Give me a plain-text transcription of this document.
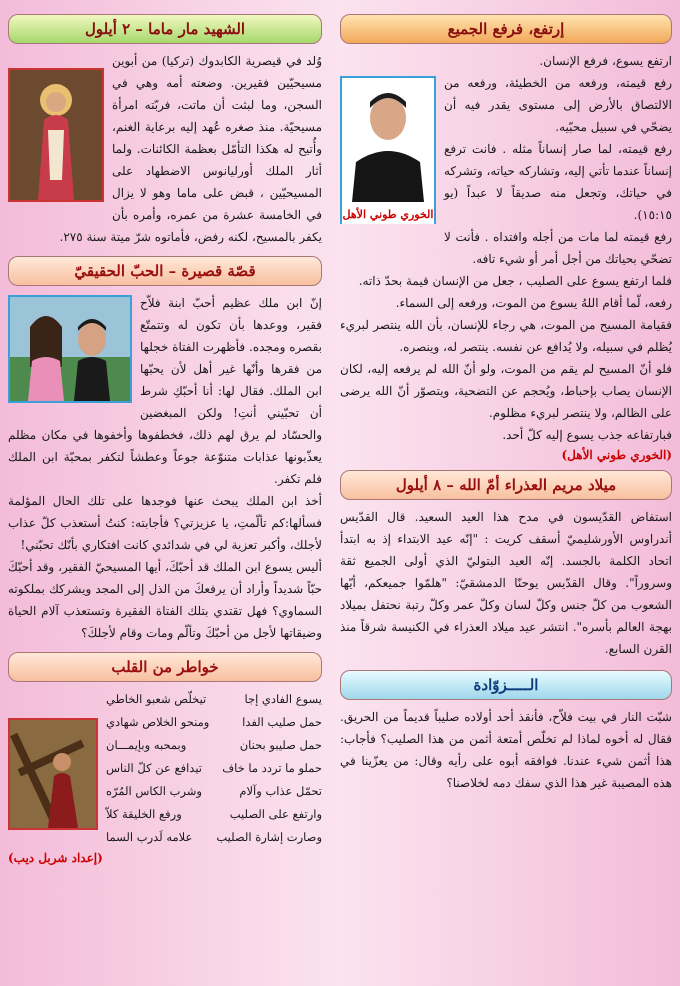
إرتفع، فرفع الجميع

ارتفع يسوع، فرفع الإنسان.

الخوري طوني الأهل

رفع قيمته، ورفعه من الخطيئة، ورفعه من الالتصاق بالأرض إلى مستوى يقدر فيه أن يضحّي في سبيل محبّيه.

رفع قيمته، لما صار إنساناً مثله . فانت ترفع إنساناً عندما تأتي إليه، وتشاركه حياته، وتشركه في حياتك، وتجعل منه صديقاً لا عبداً (يو ١٥:١٥).

رفع قيمته لما مات من أجله وافتداه . فأنت لا تضحّي بحياتك من أجل أمر أو شيء تافه.

فلما ارتفع يسوع على الصليب ، جعل من الإنسان قيمة بحدّ ذاته.

رفعه، لّما أقام اللهُ يسوع من الموت، ورفعه إلى السماء.

فقيامة المسيح من الموت، هي رجاء للإنسان، بأن الله ينتصر لبريء يُظلم في سبيله، ولا يُدافع عن نفسه. ينتصر له، وينصره.

فلو أنّ المسيح لم يقم من الموت، ولو أنّ الله لم يرفعه إليه، لكان الإنسان يصاب بإحباط، ويُحجم عن التضحية، ويتصوّر أنّ الله يرضى على الظالم، ولا ينتصر لبريء مظلوم.

فبارتفاعه جذب يسوع إليه كلّ أحد.

(الخوري طوني الأهل)
ميلاد مريم العذراء أمّ الله – ٨ أيلول

استفاض القدّيسون في مدح هذا العيد السعيد. قال القدّيس أندراوس الأورشليميّ أسقف كريت : "إنّه عيد الابتداء إذ به ابتدأ اتحاد الكلمة بالجسد. إنّه العيد البتوليّ الذي أولى الجميع ثقة وسروراً". وقال القدّيس يوحنّا الدمشقيّ: "هلمّوا جميعكم، أيّها الشعوب من كلّ جنس وكلّ لسان وكلّ عمر وكلّ رتبة نحتفل بميلاد بهجة العالم بأسره". انتشر عيد ميلاد العذراء في الكنيسة شرقاً منذ القرن السابع.

الـــــزوّادة

شبّت النار في بيت فلاّح، فأنقذ أحد أولاده صليباً قديماً من الحريق. فقال له أخوه لماذا لم تخلّص أمتعة أثمن من هذا الصليب؟ فأجاب: هذا أثمن شيء عندنا. فوافقه أبوه على رأيه وقال: من يعزّينا في هذه المصيبة غير هذا الذي سفك دمه لخلاصنا؟

الشهيد مار ماما – ٢ أيلول

وُلد في قيصرية الكابدوك (تركيا) من أبوين مسيحيّين فقيرين. وضعته أمه وهي في السجن، وما لبثت أن ماتت، فربّته امرأة مسيحيّة. منذ صغره عُهد إليه برعاية الغنم، وأُتيح له هكذا التأمّل بعظمة الكائنات. ولما أثار الملك أورليانوس الاضطهاد على المسيحيّين ، قبض على ماما وهو لا يزال في الخامسة عشرة من عمره، وأمره بأن يكفر بالمسيح، لكنه رفض، فأماتوه شرّ ميتة سنة ٢٧٥.

قصّة قصيرة – الحبّ الحقيقيّ

إنّ ابن ملك عظيم أحبّ ابنة فلاّح فقير، ووعدها بأن تكون له وتتمتّع بقصره ومجده. فأظهرت الفتاة خجلها من فقرها وأنّها غير أهل لأن يحبّها ابن الملك. فقال لها: أنا أحبّكِ شرط أن تحبّيني أنتِ! ولكن المبغضين والحسّاد لم يرق لهم ذلك، فخطفوها وأخفوها في مكان مظلم يعذّبونها عذابات متنوّعة جوعاً وعطشاً لتكفر بمحبّة ابن الملك فلم تكفر.

أخذ ابن الملك يبحث عنها فوجدها على تلك الحال المؤلمة فسألها:كم تألّمتِ، يا عزيزتي؟ فأجابته: كنتُ أستعذب كلّ عذاب لأجلك، وأكبر تعزية لي في شدائدي كانت افتكاري بأنّك تحبّني!

أليس يسوع ابن الملك قد أحبّكَ، أيها المسيحيّ الفقير، وقد أحبّكَ حبّاً شديداً وأراد أن يرفعكَ من الذل إلى المجد ويشركك بملكوته السماوي؟ فهل تقتدي بتلك الفتاة الفقيرة وتستعذب آلام الحياة وضيقاتها لأجل من أحبّكَ وتألّم ومات وقام لأجلكَ؟

خواطر من القلب
يسوع الفادي إجا
تيخلّص شعبو الخاطي
حمل صليب الفدا
ومنحو الخلاص شهادي
حمل صليبو بحنان
وبمحبه وبإيمـــان
حملو ما تردد ما خاف
تيدافع عن كلّ الناس
تحمّل عذاب وآلام
وشرب الكاس المُرّه
وارتفع على الصليب
ورفع الخليقة كلاّ
وصارت إشارة الصليب
علامه لَدرب السما
(إعداد شربل ديب)
